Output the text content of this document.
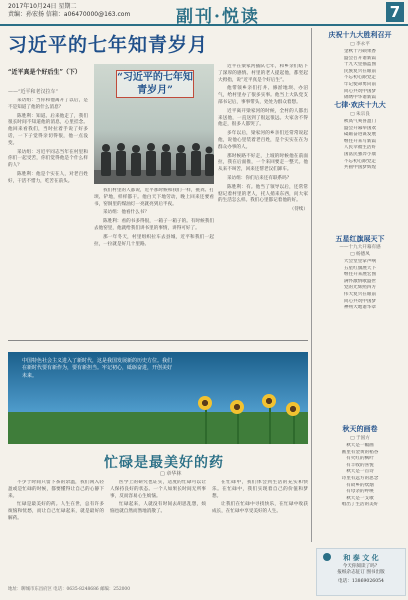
2017年10月24日 星期二
责编：孙宏扬 信箱：a06470000@163.com	副刊·悦读	7
习近平的七年知青岁月
“近平真是个好后生”（下）
——“近平和老汉拉车”

采访组：当你和他离开了以后，是不是知道了他的什么消息？

陈胜利：知道。后来他走了，我们很长时间不知道他的消息，心里挂念。他回来看我们，当时拉着手说了好多话，一下子觉得亲切得很，他一点没变。

采访组：习近平同志当年在村里和你们一起受苦，你们觉得他是个什么样的人？

陈胜利：他是个实在人，对老百姓好，干活不惜力，吃苦在前头。

“习近平的七年知青岁月”

我们村里的人都说，近平那时候和我们一样，挑粪、打坝、铲地，样样都干。他白天下地劳动，晚上回来还要看书，窑洞里的煤油灯一亮就亮到后半夜。

采访组：他看什么书？

陈胜利：看的书多得很，一箱子一箱子的。有时候我们去他窑里，他就给我们讲书里的事情，讲得可好了。

那一年冬天，村里组织拉车去县城，近平和我们一起拉，一拉就是好几十里路。

近平在梁家河插队七年，和乡亲们结下了深厚的感情。村里的老人提起他，都竖起大拇指，说“近平真是个好后生”。

他带领乡亲们打井、修淤地坝、办沼气，给村里办了很多实事。他当上大队党支部书记后，事事带头，处处为群众着想。

近平离开梁家河的时候，全村的人都出来送他，一直送到了很远很远。大家舍不得他走，很多人都哭了。

多年以后，梁家河的乡亲们还常常说起他，说他心里装着老百姓，是个实实在在为群众办事的人。

那时候路不好走，上坡的时候他在前面拉，我在后面推，一个来回要走一整天。他从来不叫苦，回来还帮老汉们卸车。

采访组：你们后来还有联系吗？

陈胜利：有。他当了领导以后，还常常惦记着村里的老人，托人捎来东西，问大家的生活怎么样。我们心里都记着他的好。

（待续）

中国特色社会主义进入了新时代，这是我国发展新的历史方位。我们在新时代要有新作为，要有新担当。牢记初心，砥砺奋进，开创美好未来。
忙碌是最美好的药
□ 章华林

不少于时间只留下茶的余温，我们闲入轻盈或是忙碌的时候，都要懂得让自己的心静下来。

忙碌是最美好的药。人生在世，总有许多烦恼和忧愁，而让自己忙碌起来，就是最好的解药。

医学上的研究也证实，适度的忙碌可以让人保持良好的状态。一个人如果长时间无所事事，反而容易心生烦恼。

忙碌起来，人就没有时间去胡思乱想，烦恼也就自然而然地消散了。

在忙碌中，我们体会到生活的充实和快乐。在忙碌中，我们实现着自己的价值和梦想。

让我们在忙碌中寻找快乐，在忙碌中收获成长，在忙碌中享受美好的人生。

地址：聊城市东昌府区 电话：0635-8248686 邮编：252000

庆祝十九大胜利召开

□ 李永平

金秋十月硕果香
盛会召开谱新篇
十九大里描蓝图
民族复兴在眼前
不忘初心跟党走
牢记使命勇向前
同心共筑中国梦
锦绣中华谱新篇

七律·欢庆十九大

□ 朱宗良

秋高气爽喜盈门
盛会开幕举国欢
砥砺奋进谋发展
继往开来写新篇
人民幸福生活好
国富民强奔小康
不忘初心跟党走
共圆中国梦辉煌

五星红旗展天下

——十九大开幕有感

□ 杨德凤

大会堂里掌声响
五星红旗展天下
继往开来展宏图
满怀激情歌盛世
党的光辉照四方
伟大复兴在眼前
同心共筑中国梦
神州大地谱华章

秋天的画卷

□ 于国方

秋天是一幅画
画里有金黄的稻谷
有火红的枫叶
有丰收的喜悦
秋天是一首诗
诗里有远方的思念
有故乡的炊烟
有母亲的呼唤
秋天是一支歌
唱出了生活的美好
和 泰 文 化
今天你阅读了吗？
报纸杂志征订 图书出版
电话：13869026054
